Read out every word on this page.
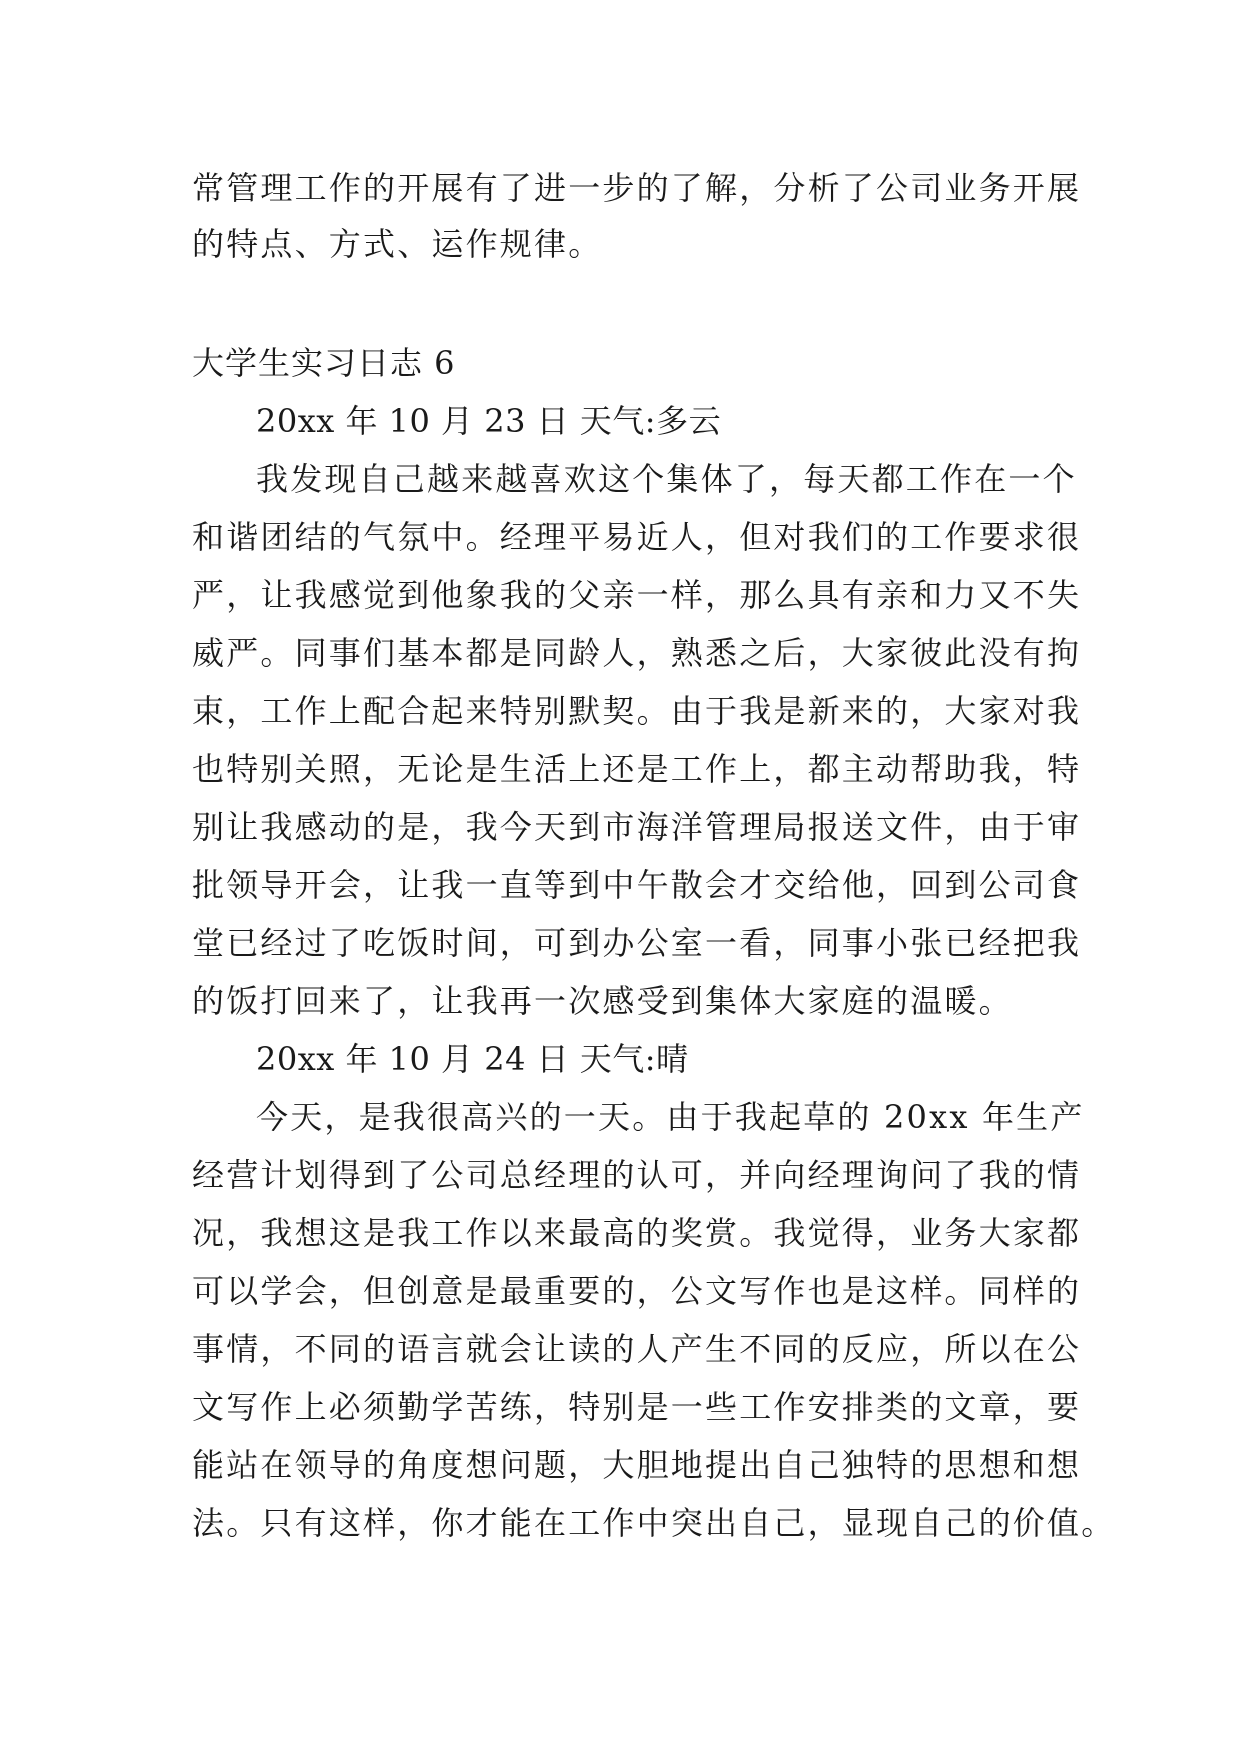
常管理工作的开展有了进一步的了解，分析了公司业务开展
的特点、方式、运作规律。
大学生实习日志 6
20xx 年 10 月 23 日 天气:多云
我发现自己越来越喜欢这个集体了，每天都工作在一个
和谐团结的气氛中。经理平易近人，但对我们的工作要求很
严，让我感觉到他象我的父亲一样，那么具有亲和力又不失
威严。同事们基本都是同龄人，熟悉之后，大家彼此没有拘
束，工作上配合起来特别默契。由于我是新来的，大家对我
也特别关照，无论是生活上还是工作上，都主动帮助我，特
别让我感动的是，我今天到市海洋管理局报送文件，由于审
批领导开会，让我一直等到中午散会才交给他，回到公司食
堂已经过了吃饭时间，可到办公室一看，同事小张已经把我
的饭打回来了，让我再一次感受到集体大家庭的温暖。
20xx 年 10 月 24 日 天气:晴
今天，是我很高兴的一天。由于我起草的 20xx 年生产
经营计划得到了公司总经理的认可，并向经理询问了我的情
况，我想这是我工作以来最高的奖赏。我觉得，业务大家都
可以学会，但创意是最重要的，公文写作也是这样。同样的
事情，不同的语言就会让读的人产生不同的反应，所以在公
文写作上必须勤学苦练，特别是一些工作安排类的文章，要
能站在领导的角度想问题，大胆地提出自己独特的思想和想
法。只有这样，你才能在工作中突出自己，显现自己的价值。
